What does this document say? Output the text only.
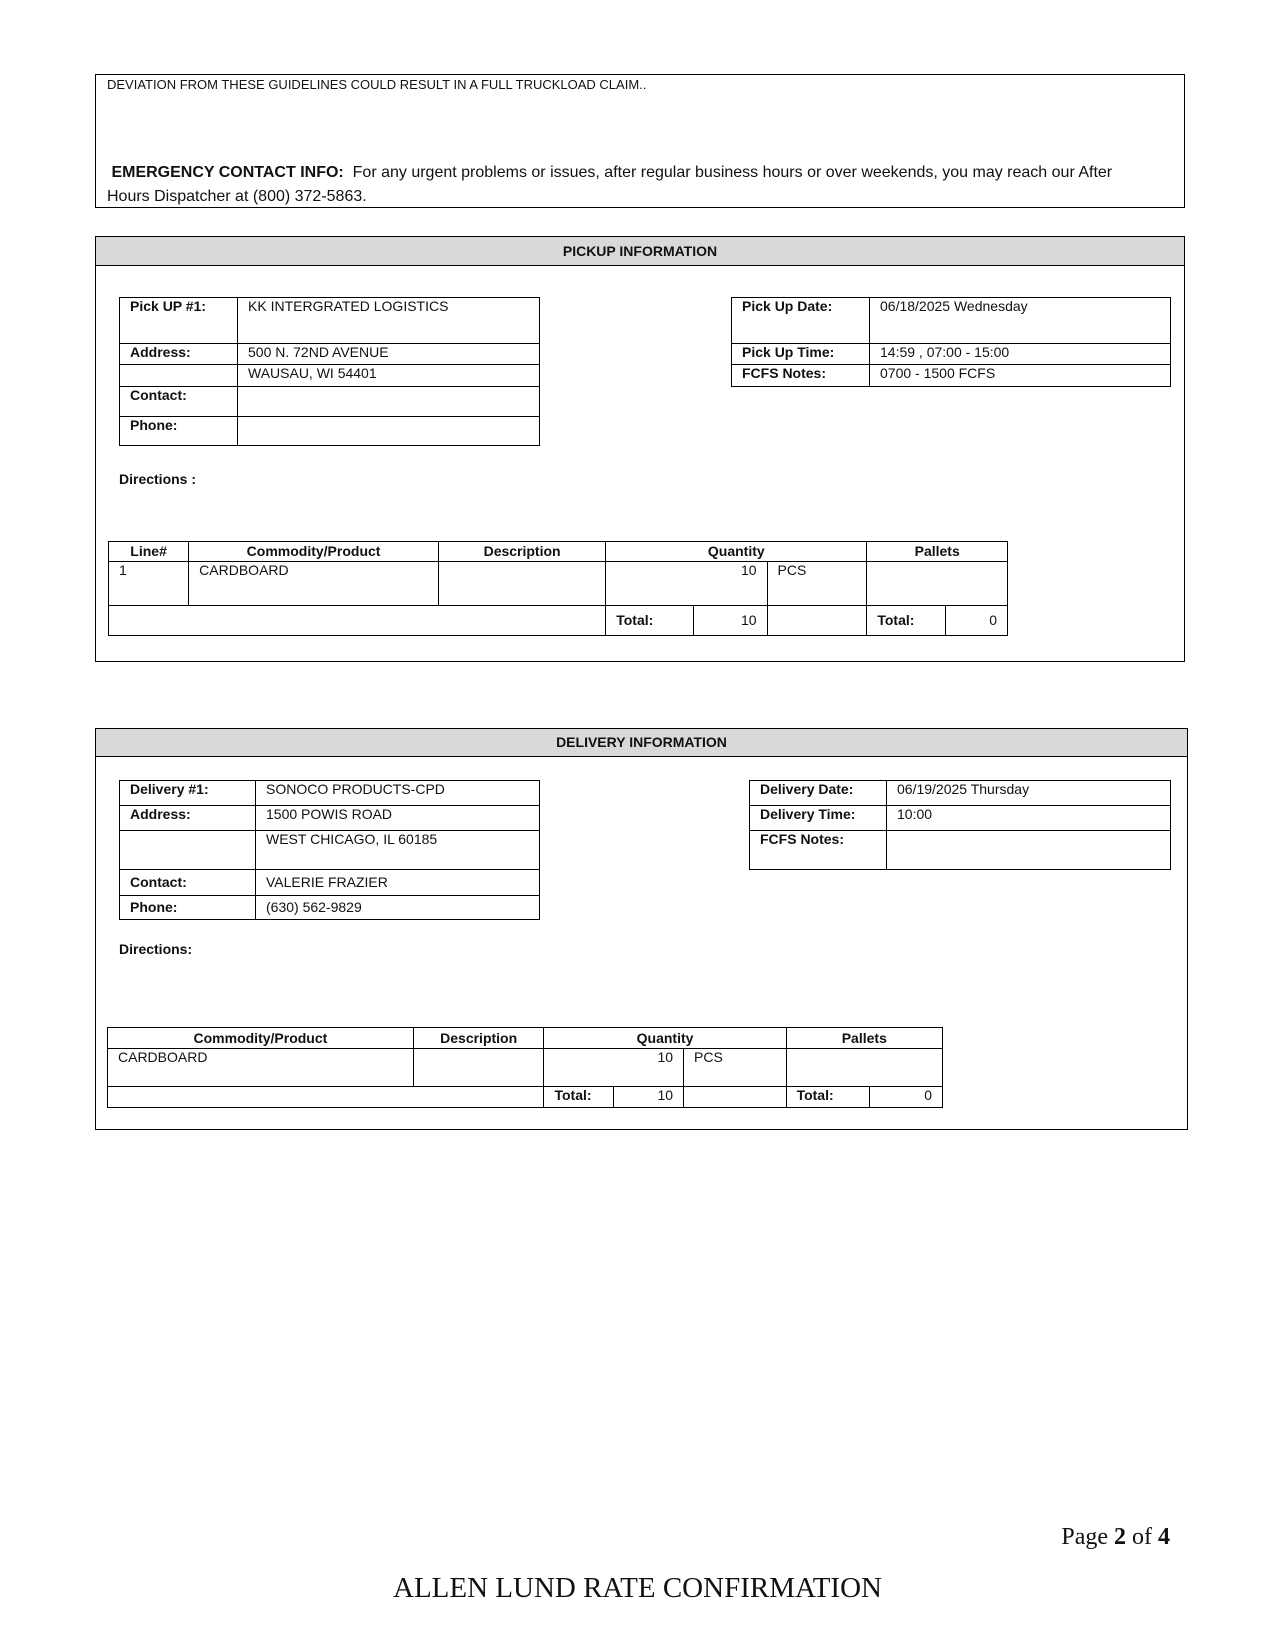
DEVIATION FROM THESE GUIDELINES COULD RESULT IN A FULL TRUCKLOAD CLAIM..
EMERGENCY CONTACT INFO: For any urgent problems or issues, after regular business hours or over weekends, you may reach our After
Hours Dispatcher at (800) 372-5863.
PICKUP INFORMATION
Pick UP #1:	KK INTERGRATED LOGISTICS
Address:	500 N. 72ND AVENUE
	WAUSAU, WI 54401
Contact:	
Phone:	
Pick Up Date:	06/18/2025 Wednesday
Pick Up Time:	14:59 , 07:00 - 15:00
FCFS Notes:	0700 - 1500 FCFS
Directions :
Line#	Commodity/Product	Description	Quantity			Pallets	
1	CARDBOARD		10		PCS		
			Total:	10		Total:	0
DELIVERY INFORMATION
Delivery #1:	SONOCO PRODUCTS-CPD
Address:	1500 POWIS ROAD
	WEST CHICAGO, IL 60185
Contact:	VALERIE FRAZIER
Phone:	(630) 562-9829
Delivery Date:	06/19/2025 Thursday
Delivery Time:	10:00
FCFS Notes:	
Directions:
Commodity/Product	Description	Quantity			Pallets	
CARDBOARD		10		PCS		
		Total:	10		Total:	0
Page 2 of 4
ALLEN LUND RATE CONFIRMATION
